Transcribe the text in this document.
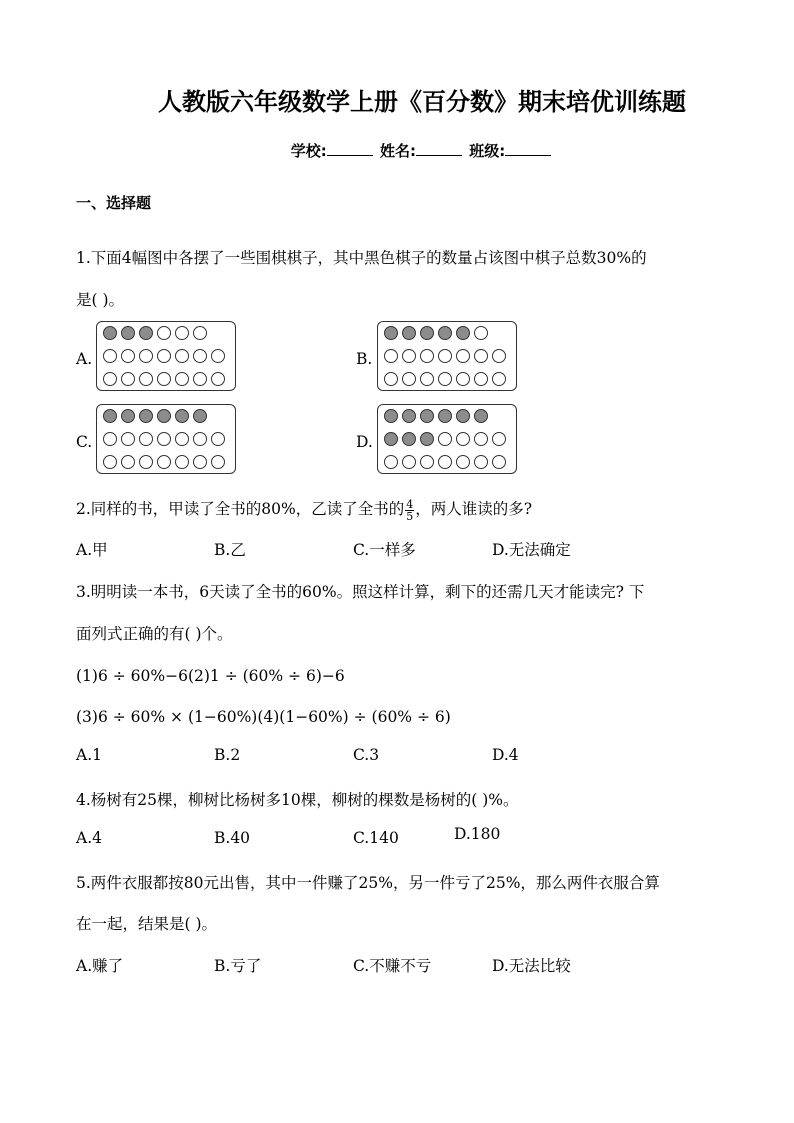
人教版六年级数学上册《百分数》期末培优训练题
学校:	姓名:	班级:
一、选择题
1.下面4幅图中各摆了一些围棋棋子，其中黑色棋子的数量占该图中棋子总数30%的
是( )。
A.	B.
C.	D.
2.同样的书，甲读了全书的80%，乙读了全书的 $\frac{4}{5}$ ，两人谁读的多?
A.甲	B.乙	C.一样多	D.无法确定
3.明明读一本书，6天读了全书的60%。照这样计算，剩下的还需几天才能读完? 下
面列式正确的有( )个。
(1)6 ÷ 60%−6(2)1 ÷ (60% ÷ 6)−6
(3)6 ÷ 60% × (1−60%)(4)(1−60%) ÷ (60% ÷ 6)
A.1	B.2	C.3	D.4
4.杨树有25棵，柳树比杨树多10棵，柳树的棵数是杨树的( )%。
A.4	B.40	C.140	D.180
5.两件衣服都按80元出售，其中一件赚了25%，另一件亏了25%，那么两件衣服合算
在一起，结果是( )。
A.赚了	B.亏了	C.不赚不亏	D.无法比较
